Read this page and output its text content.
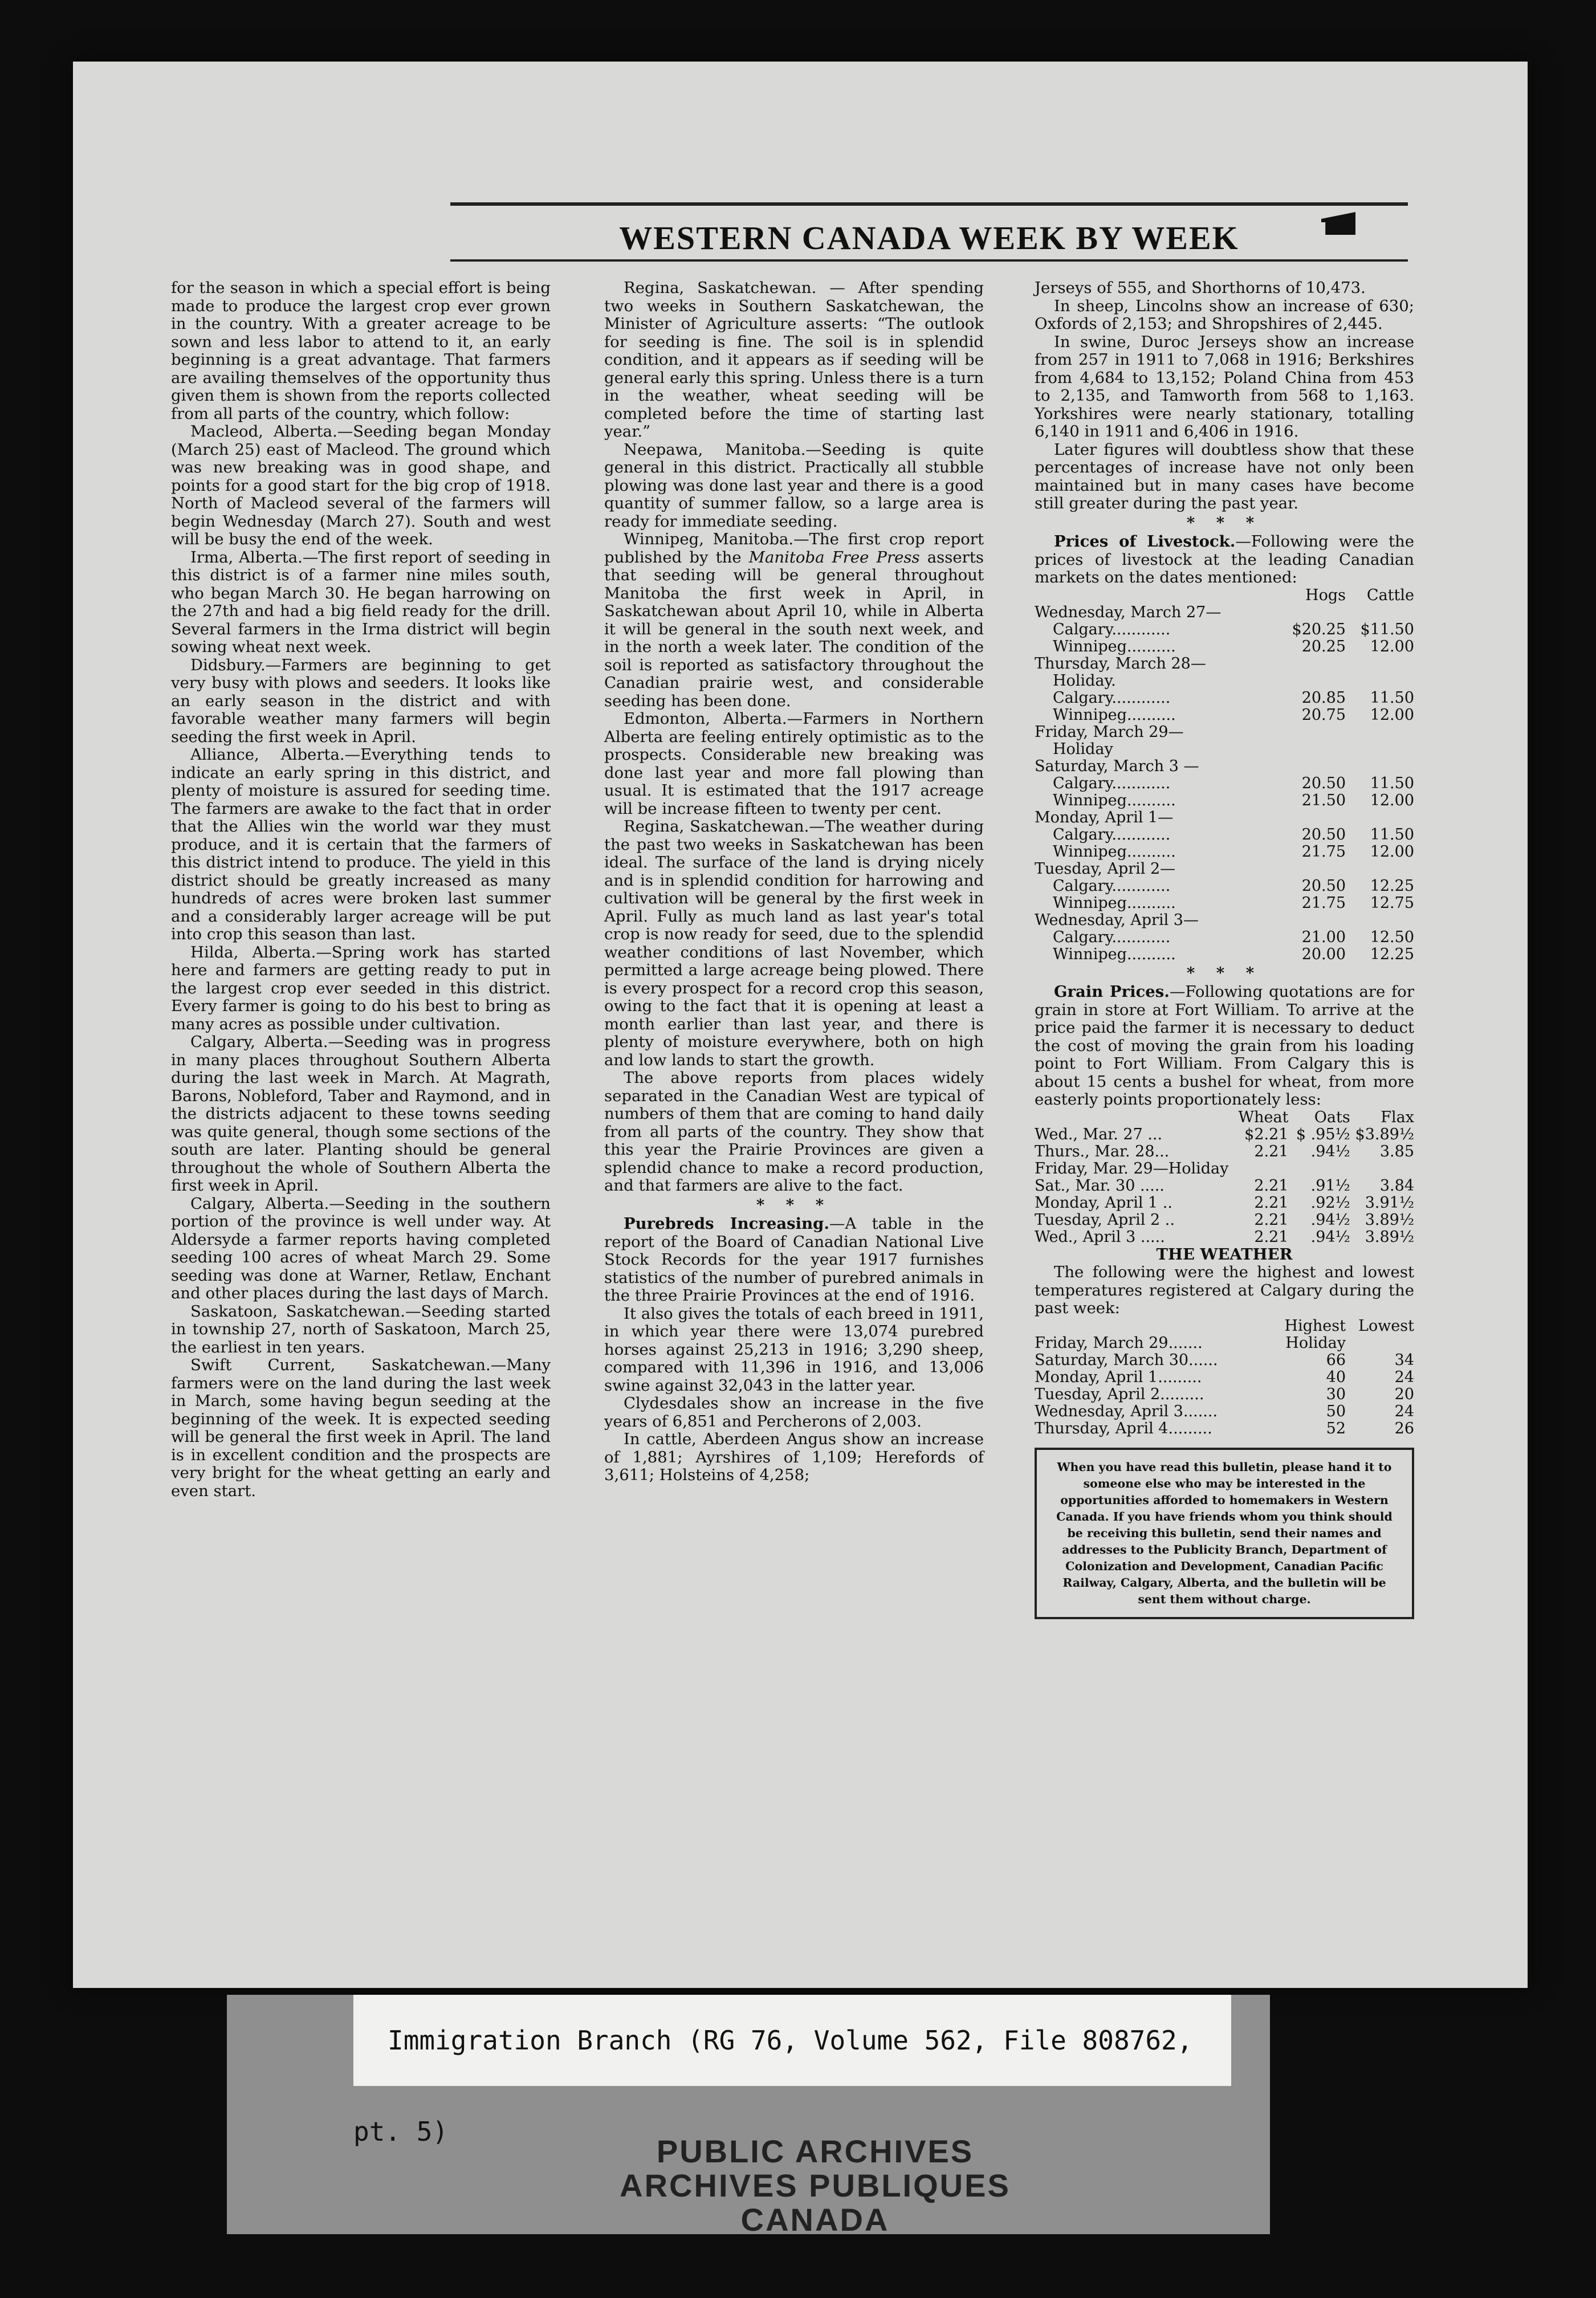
WESTERN CANADA WEEK BY WEEK

for the season in which a special effort is being made to produce the largest crop ever grown in the country. With a greater acreage to be sown and less labor to attend to it, an early beginning is a great advantage. That farmers are availing themselves of the opportunity thus given them is shown from the reports collected from all parts of the country, which follow:

Macleod, Alberta.—Seeding began Monday (March 25) east of Macleod. The ground which was new breaking was in good shape, and points for a good start for the big crop of 1918. North of Macleod several of the farmers will begin Wednesday (March 27). South and west will be busy the end of the week.

Irma, Alberta.—The first report of seeding in this district is of a farmer nine miles south, who began March 30. He began harrowing on the 27th and had a big field ready for the drill. Several farmers in the Irma district will begin sowing wheat next week.

Didsbury.—Farmers are beginning to get very busy with plows and seeders. It looks like an early season in the district and with favorable weather many farmers will begin seeding the first week in April.

Alliance, Alberta.—Everything tends to indicate an early spring in this district, and plenty of moisture is assured for seeding time. The farmers are awake to the fact that in order that the Allies win the world war they must produce, and it is certain that the farmers of this district intend to produce. The yield in this district should be greatly increased as many hundreds of acres were broken last summer and a considerably larger acreage will be put into crop this season than last.

Hilda, Alberta.—Spring work has started here and farmers are getting ready to put in the largest crop ever seeded in this district. Every farmer is going to do his best to bring as many acres as possible under cultivation.

Calgary, Alberta.—Seeding was in progress in many places throughout Southern Alberta during the last week in March. At Magrath, Barons, Nobleford, Taber and Raymond, and in the districts adjacent to these towns seeding was quite general, though some sections of the south are later. Planting should be general throughout the whole of Southern Alberta the first week in April.

Calgary, Alberta.—Seeding in the southern portion of the province is well under way. At Aldersyde a farmer reports having completed seeding 100 acres of wheat March 29. Some seeding was done at Warner, Retlaw, Enchant and other places during the last days of March.

Saskatoon, Saskatchewan.—Seeding started in township 27, north of Saskatoon, March 25, the earliest in ten years.

Swift Current, Saskatchewan.—Many farmers were on the land during the last week in March, some having begun seeding at the beginning of the week. It is expected seeding will be general the first week in April. The land is in excellent condition and the prospects are very bright for the wheat getting an early and even start.

Regina, Saskatchewan. — After spending two weeks in Southern Saskatchewan, the Minister of Agriculture asserts: “The outlook for seeding is fine. The soil is in splendid condition, and it appears as if seeding will be general early this spring. Unless there is a turn in the weather, wheat seeding will be completed before the time of starting last year.”

Neepawa, Manitoba.—Seeding is quite general in this district. Practically all stubble plowing was done last year and there is a good quantity of summer fallow, so a large area is ready for immediate seeding.

Winnipeg, Manitoba.—The first crop report published by the Manitoba Free Press asserts that seeding will be general throughout Manitoba the first week in April, in Saskatchewan about April 10, while in Alberta it will be general in the south next week, and in the north a week later. The condition of the soil is reported as satisfactory throughout the Canadian prairie west, and considerable seeding has been done.

Edmonton, Alberta.—Farmers in Northern Alberta are feeling entirely optimistic as to the prospects. Considerable new breaking was done last year and more fall plowing than usual. It is estimated that the 1917 acreage will be increase fifteen to twenty per cent.

Regina, Saskatchewan.—The weather during the past two weeks in Saskatchewan has been ideal. The surface of the land is drying nicely and is in splendid condition for harrowing and cultivation will be general by the first week in April. Fully as much land as last year's total crop is now ready for seed, due to the splendid weather conditions of last November, which permitted a large acreage being plowed. There is every prospect for a record crop this season, owing to the fact that it is opening at least a month earlier than last year, and there is plenty of moisture everywhere, both on high and low lands to start the growth.

The above reports from places widely separated in the Canadian West are typical of numbers of them that are coming to hand daily from all parts of the country. They show that this year the Prairie Provinces are given a splendid chance to make a record production, and that farmers are alive to the fact.

* * *

Purebreds Increasing.—A table in the report of the Board of Canadian National Live Stock Records for the year 1917 furnishes statistics of the number of purebred animals in the three Prairie Provinces at the end of 1916.

It also gives the totals of each breed in 1911, in which year there were 13,074 purebred horses against 25,213 in 1916; 3,290 sheep, compared with 11,396 in 1916, and 13,006 swine against 32,043 in the latter year.

Clydesdales show an increase in the five years of 6,851 and Percherons of 2,003.

In cattle, Aberdeen Angus show an increase of 1,881; Ayrshires of 1,109; Herefords of 3,611; Holsteins of 4,258;

Jerseys of 555, and Shorthorns of 10,473.

In sheep, Lincolns show an increase of 630; Oxfords of 2,153; and Shropshires of 2,445.

In swine, Duroc Jerseys show an increase from 257 in 1911 to 7,068 in 1916; Berkshires from 4,684 to 13,152; Poland China from 453 to 2,135, and Tamworth from 568 to 1,163. Yorkshires were nearly stationary, totalling 6,140 in 1911 and 6,406 in 1916.

Later figures will doubtless show that these percentages of increase have not only been maintained but in many cases have become still greater during the past year.

* * *

Prices of Livestock.—Following were the prices of livestock at the leading Canadian markets on the dates mentioned:

	Hogs	Cattle
Wednesday, March 27—		
Calgary............	$20.25	$11.50
Winnipeg..........	20.25	12.00
Thursday, March 28—		
Holiday.		
Calgary............	20.85	11.50
Winnipeg..........	20.75	12.00
Friday, March 29—		
Holiday		
Saturday, March 3 —		
Calgary............	20.50	11.50
Winnipeg..........	21.50	12.00
Monday, April 1—		
Calgary............	20.50	11.50
Winnipeg..........	21.75	12.00
Tuesday, April 2—		
Calgary............	20.50	12.25
Winnipeg..........	21.75	12.75
Wednesday, April 3—		
Calgary............	21.00	12.50
Winnipeg..........	20.00	12.25
* * *

Grain Prices.—Following quotations are for grain in store at Fort William. To arrive at the price paid the farmer it is necessary to deduct the cost of moving the grain from his loading point to Fort William. From Calgary this is about 15 cents a bushel for wheat, from more easterly points proportionately less:

	Wheat	Oats	Flax
Wed., Mar. 27 ...	$2.21	$ .95½	$3.89½
Thurs., Mar. 28...	2.21	.94½	3.85
Friday, Mar. 29—Holiday			
Sat., Mar. 30 .....	2.21	.91½	3.84
Monday, April 1 ..	2.21	.92½	3.91½
Tuesday, April 2 ..	2.21	.94½	3.89½
Wed., April 3 .....	2.21	.94½	3.89½
THE WEATHER

The following were the highest and lowest temperatures registered at Calgary during the past week:

	Highest	Lowest
Friday, March 29.......	Holiday	
Saturday, March 30......	66	34
Monday, April 1.........	40	24
Tuesday, April 2.........	30	20
Wednesday, April 3.......	50	24
Thursday, April 4.........	52	26
When you have read this bulletin, please hand it to someone else who may be interested in the opportunities afforded to homemakers in Western Canada. If you have friends whom you think should be receiving this bulletin, send their names and addresses to the Publicity Branch, Department of Colonization and Development, Canadian Pacific Railway, Calgary, Alberta, and the bulletin will be sent them without charge.
Immigration Branch (RG 76, Volume 562, File 808762, pt. 5)
PUBLIC ARCHIVES
ARCHIVES PUBLIQUES
CANADA
